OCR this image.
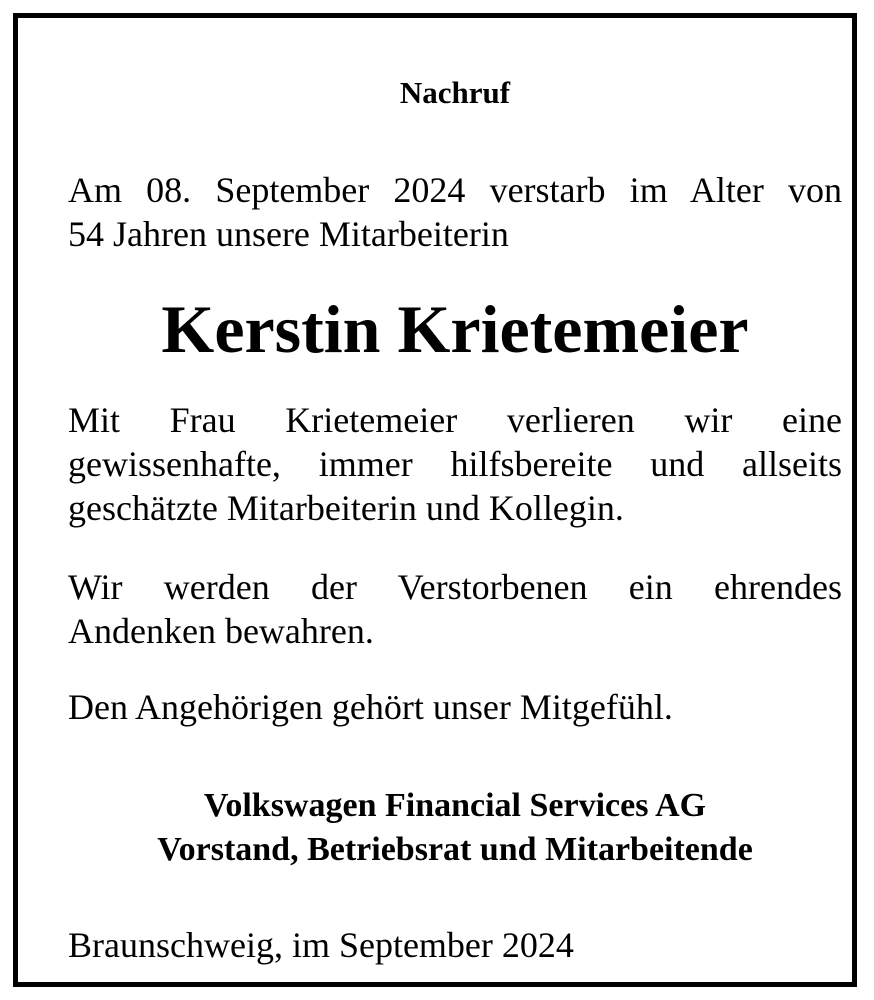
Nachruf
Am 08. September 2024 verstarb im Alter von
54 Jahren unsere Mitarbeiterin
Kerstin Krietemeier
Mit Frau Krietemeier verlieren wir eine
gewissenhafte, immer hilfsbereite und allseits
geschätzte Mitarbeiterin und Kollegin.
Wir werden der Verstorbenen ein ehrendes
Andenken bewahren.
Den Angehörigen gehört unser Mitgefühl.
Volkswagen Financial Services AG
Vorstand, Betriebsrat und Mitarbeitende
Braunschweig, im September 2024
